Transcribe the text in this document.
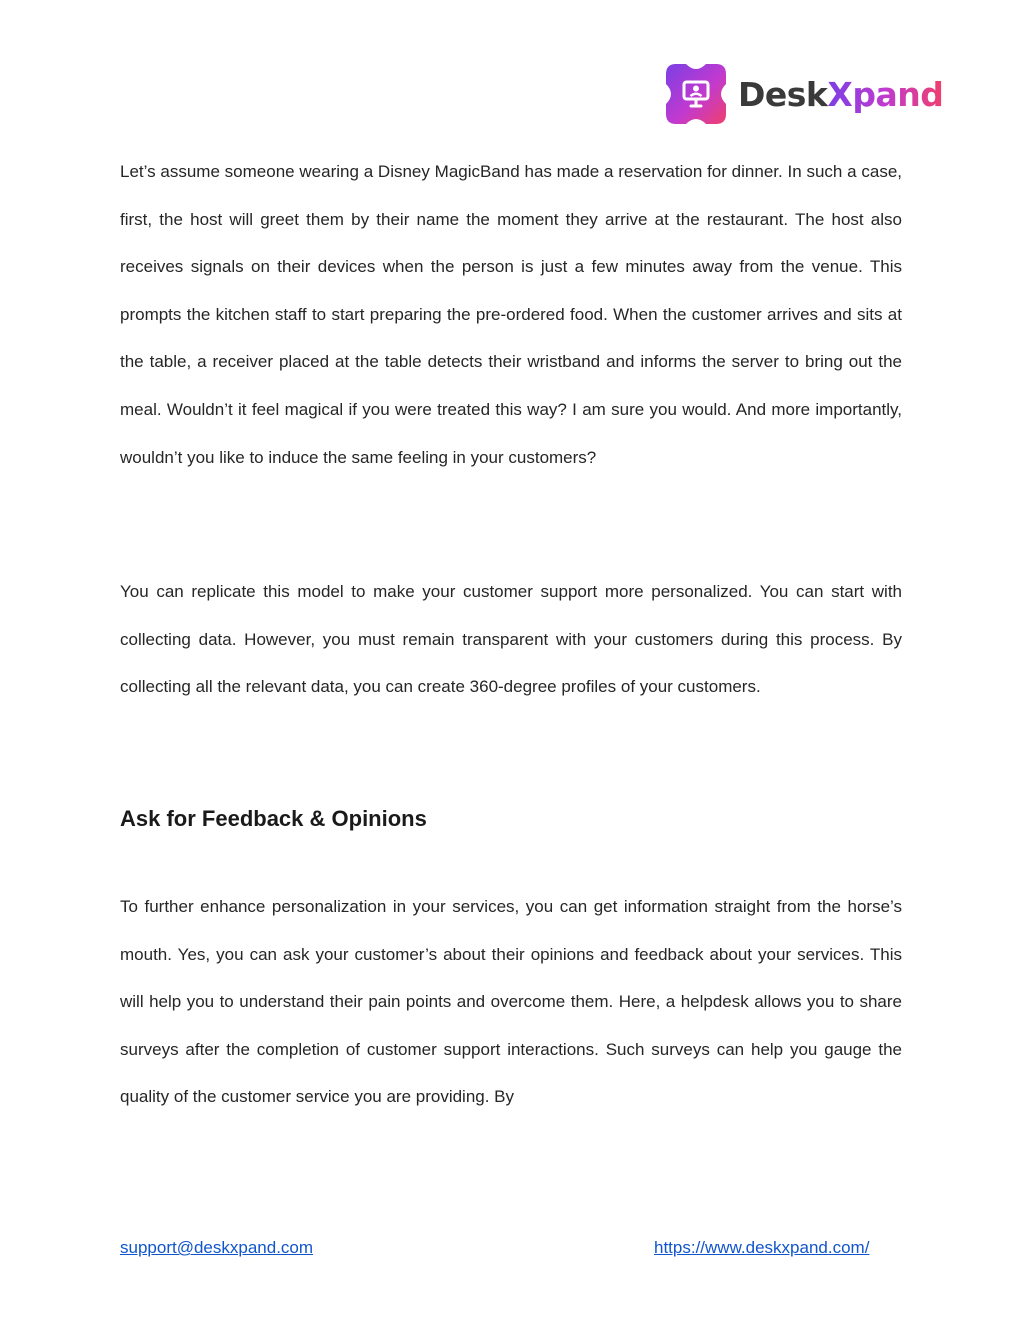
DeskXpand

Let’s assume someone wearing a Disney MagicBand has made a reservation for dinner. In such a case, first, the host will greet them by their name the moment they arrive at the restaurant. The host also receives signals on their devices when the person is just a few minutes away from the venue. This prompts the kitchen staff to start preparing the pre-ordered food. When the customer arrives and sits at the table, a receiver placed at the table detects their wristband and informs the server to bring out the meal. Wouldn’t it feel magical if you were treated this way? I am sure you would. And more importantly, wouldn’t you like to induce the same feeling in your customers?

You can replicate this model to make your customer support more personalized. You can start with collecting data. However, you must remain transparent with your customers during this process. By collecting all the relevant data, you can create 360-degree profiles of your customers.

Ask for Feedback & Opinions

To further enhance personalization in your services, you can get information straight from the horse’s mouth. Yes, you can ask your customer’s about their opinions and feedback about your services. This will help you to understand their pain points and overcome them. Here, a helpdesk allows you to share surveys after the completion of customer support interactions. Such surveys can help you gauge the quality of the customer service you are providing. By

support@deskxpand.com	https://www.deskxpand.com/
